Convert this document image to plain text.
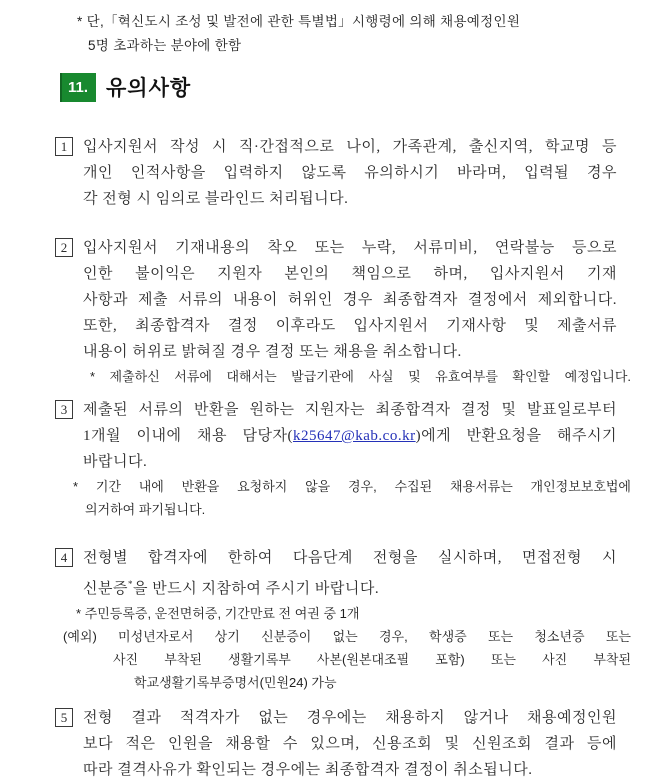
* 단,「혁신도시 조성 및 발전에 관한 특별법」시행령에 의해 채용예정인원
5명 초과하는 분야에 한함
11. 유의사항
1	입사지원서 작성 시 직·간접적으로 나이, 가족관계, 출신지역, 학교명 등
개인 인적사항을 입력하지 않도록 유의하시기 바라며, 입력될 경우
각 전형 시 임의로 블라인드 처리됩니다.
2	입사지원서 기재내용의 착오 또는 누락, 서류미비, 연락불능 등으로
인한 불이익은 지원자 본인의 책임으로 하며, 입사지원서 기재
사항과 제출 서류의 내용이 허위인 경우 최종합격자 결정에서 제외합니다.
또한, 최종합격자 결정 이후라도 입사지원서 기재사항 및 제출서류
내용이 허위로 밝혀질 경우 결정 또는 채용을 취소합니다.
* 제출하신 서류에 대해서는 발급기관에 사실 및 유효여부를 확인할 예정입니다.
3	제출된 서류의 반환을 원하는 지원자는 최종합격자 결정 및 발표일로부터
1개월 이내에 채용 담당자(k25647@kab.co.kr)에게 반환요청을 해주시기
바랍니다.
* 기간 내에 반환을 요청하지 않을 경우, 수집된 채용서류는 개인정보보호법에
의거하여 파기됩니다.
4	전형별 합격자에 한하여 다음단계 전형을 실시하며, 면접전형 시
신분증*을 반드시 지참하여 주시기 바랍니다.
* 주민등록증, 운전면허증, 기간만료 전 여권 중 1개
(예외) 미성년자로서 상기 신분증이 없는 경우, 학생증 또는 청소년증 또는
사진 부착된 생활기록부 사본(원본대조필 포함) 또는 사진 부착된
학교생활기록부증명서(민원24) 가능
5	전형 결과 적격자가 없는 경우에는 채용하지 않거나 채용예정인원
보다 적은 인원을 채용할 수 있으며, 신용조회 및 신원조회 결과 등에
따라 결격사유가 확인되는 경우에는 최종합격자 결정이 취소됩니다.
